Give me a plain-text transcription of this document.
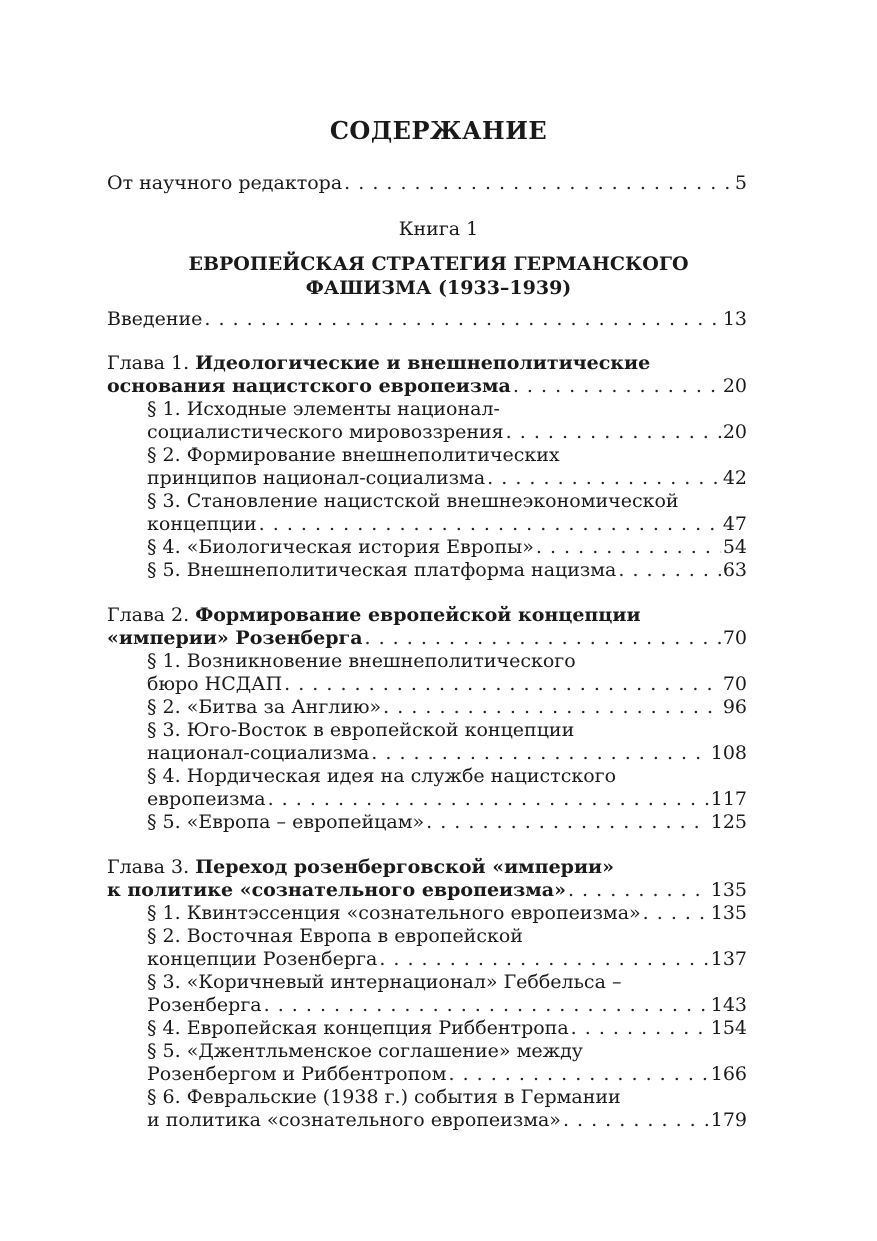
СОДЕРЖАНИЕ
От научного редактора . . .	5
Книга 1
ЕВРОПЕЙСКАЯ СТРАТЕГИЯ ГЕРМАНСКОГО
ФАШИЗМА (1933–1939)
Введение . . .	13
Глава 1. Идеологические и внешнеполитические
основания нацистского европеизма . . .	20
§ 1. Исходные элементы национал-
социалистического мировоззрения . . .	20
§ 2. Формирование внешнеполитических
принципов национал-социализма . . .	42
§ 3. Становление нацистской внешнеэкономической
концепции . . .	47
§ 4. «Биологическая история Европы» . . .	54
§ 5. Внешнеполитическая платформа нацизма . . .	63
Глава 2. Формирование европейской концепции
«империи» Розенберга . . .	70
§ 1. Возникновение внешнеполитического
бюро НСДАП . . .	70
§ 2. «Битва за Англию» . . .	96
§ 3. Юго-Восток в европейской концепции
национал-социализма . . .	108
§ 4. Нордическая идея на службе нацистского
европеизма . . .	117
§ 5. «Европа – европейцам» . . .	125
Глава 3. Переход розенберговской «империи»
к политике «сознательного европеизма» . . .	135
§ 1. Квинтэссенция «сознательного европеизма» . . .	135
§ 2. Восточная Европа в европейской
концепции Розенберга . . .	137
§ 3. «Коричневый интернационал» Геббельса –
Розенберга . . .	143
§ 4. Европейская концепция Риббентропа . . .	154
§ 5. «Джентльменское соглашение» между
Розенбергом и Риббентропом . . .	166
§ 6. Февральские (1938 г.) события в Германии
и политика «сознательного европеизма» . . .	179
